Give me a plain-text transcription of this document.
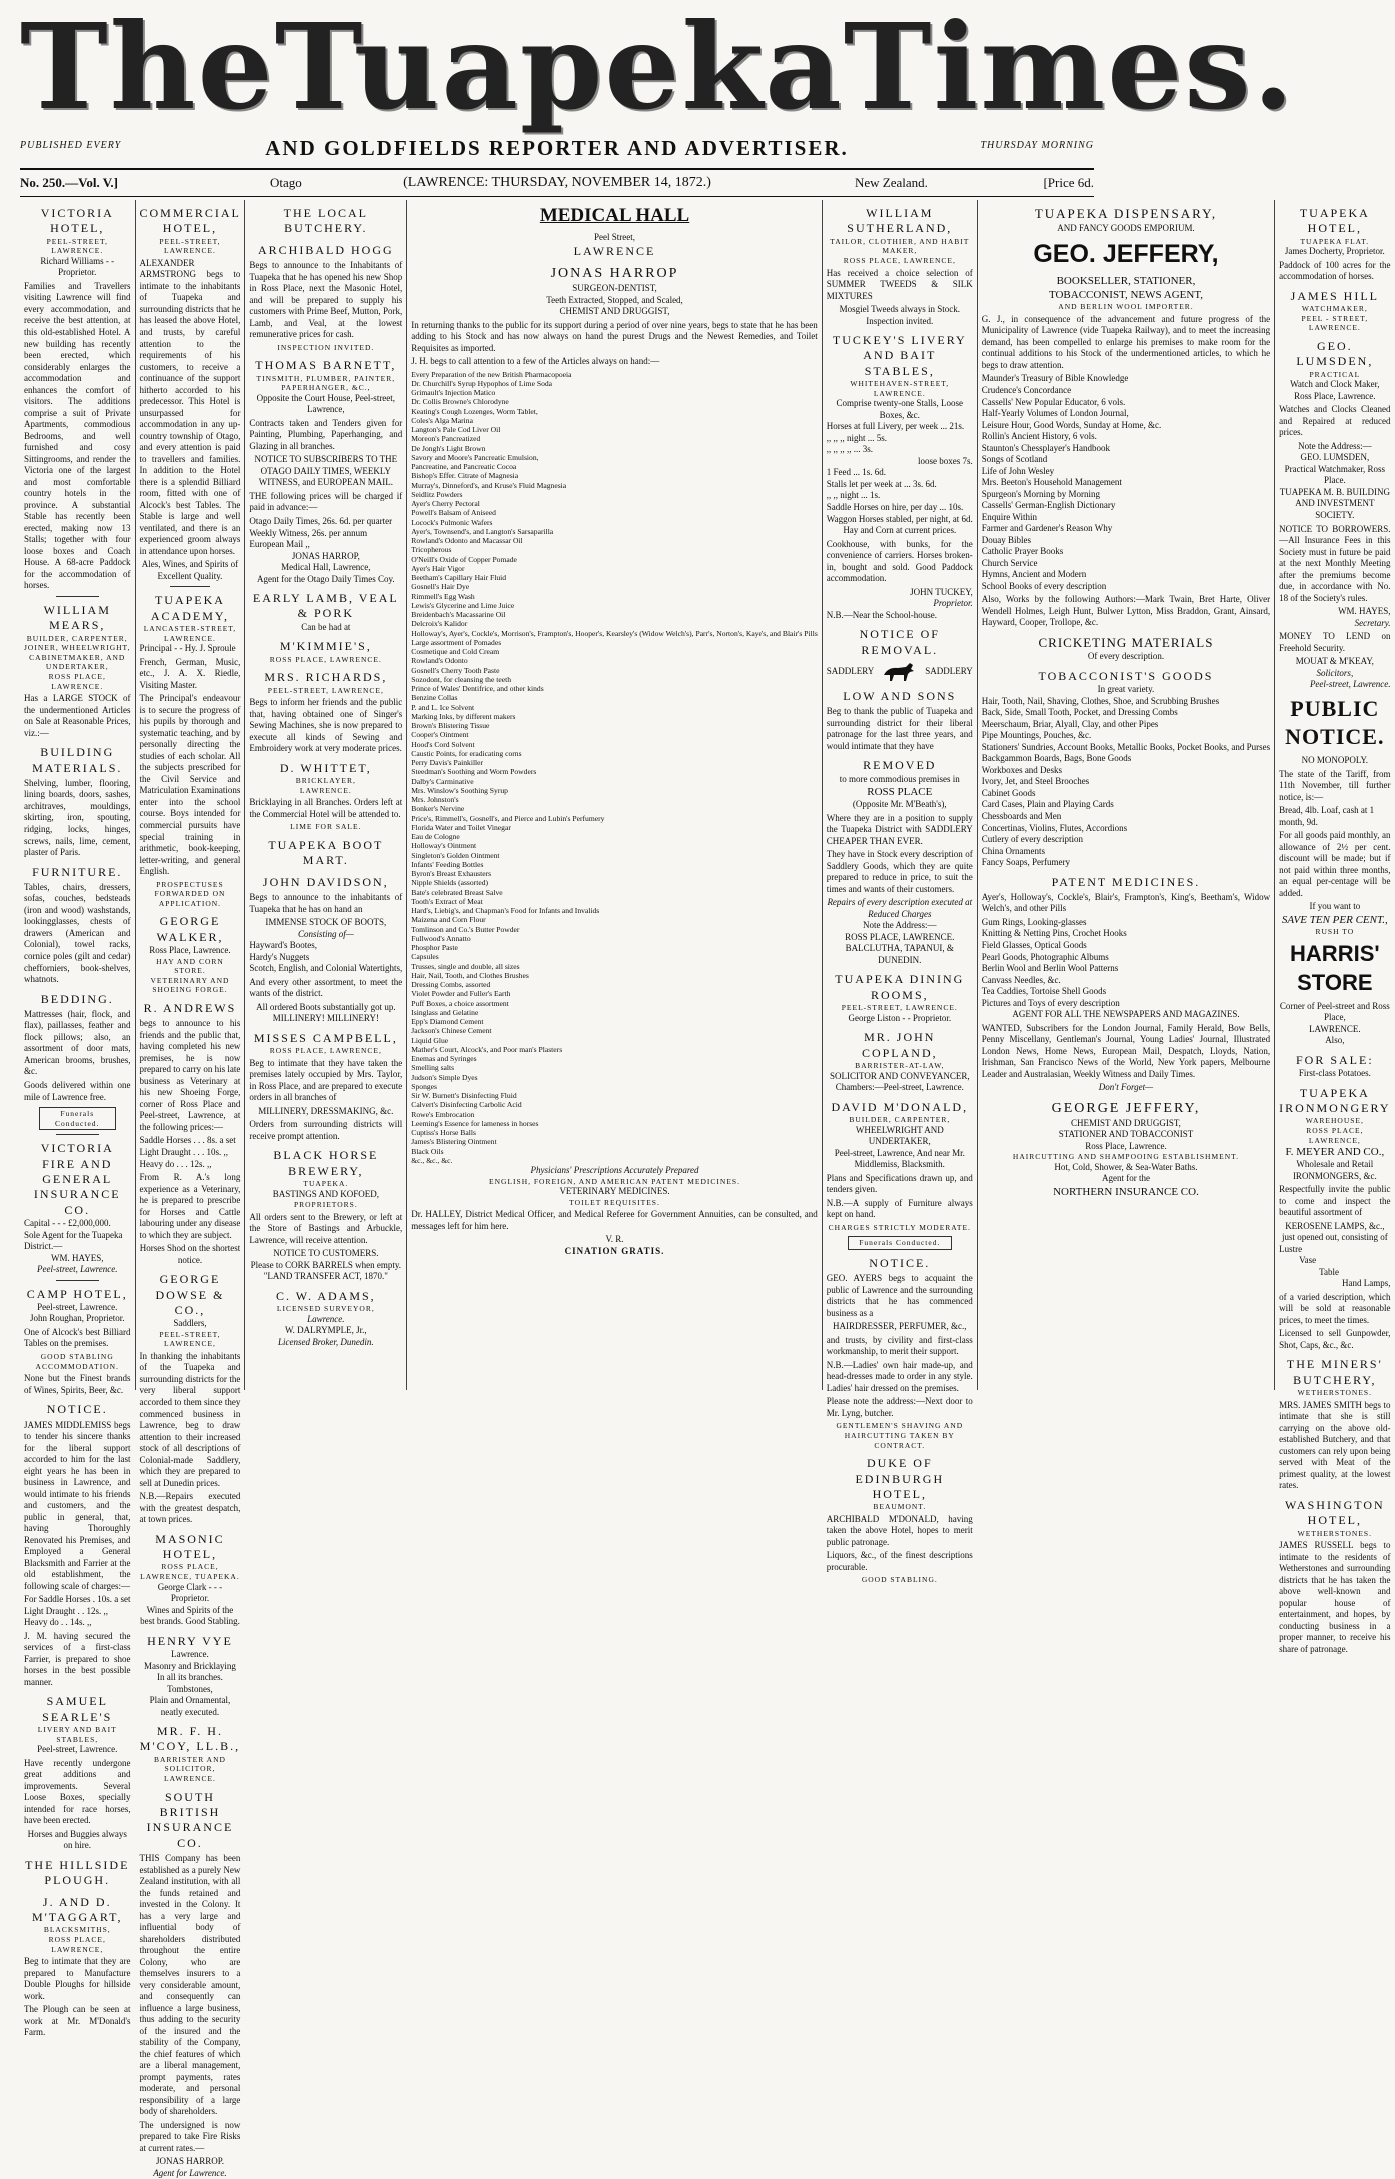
The Tuapeka Times.
PUBLISHED EVERY	AND GOLDFIELDS REPORTER AND ADVERTISER.	THURSDAY MORNING
No. 250.—Vol. V.]	Otago	(LAWRENCE: THURSDAY, NOVEMBER 14, 1872.)	New Zealand.	[Price 6d.
VICTORIA HOTEL,
PEEL-STREET, LAWRENCE.
Richard Williams - - Proprietor.

Families and Travellers visiting Lawrence will find every accommodation, and receive the best attention, at this old-established Hotel. A new building has recently been erected, which considerably enlarges the accommodation and enhances the comfort of visitors. The additions comprise a suit of Private Apartments, commodious Bedrooms, and well furnished and cosy Sittingrooms, and render the Victoria one of the largest and most comfortable country hotels in the province. A substantial Stable has recently been erected, making now 13 Stalls; together with four loose boxes and Coach House. A 68-acre Paddock for the accommodation of horses.

WILLIAM MEARS,
BUILDER, CARPENTER, JOINER, WHEELWRIGHT, CABINETMAKER, AND UNDERTAKER,
ROSS PLACE, LAWRENCE.

Has a LARGE STOCK of the undermentioned Articles on Sale at Reasonable Prices, viz.:—

BUILDING MATERIALS.

Shelving, lumber, flooring, lining boards, doors, sashes, architraves, mouldings, skirting, iron, spouting, ridging, locks, hinges, screws, nails, lime, cement, plaster of Paris.

FURNITURE.

Tables, chairs, dressers, sofas, couches, bedsteads (iron and wood) washstands, lookingglasses, chests of drawers (American and Colonial), towel racks, cornice poles (gilt and cedar) chefforniers, book-shelves, whatnots.

BEDDING.

Mattresses (hair, flock, and flax), paillasses, feather and flock pillows; also, an assortment of door mats, American brooms, brushes, &c.

Goods delivered within one mile of Lawrence free.

Funerals Conducted.
VICTORIA FIRE AND GENERAL INSURANCE CO.
Capital - - - £2,000,000.
Sole Agent for the Tuapeka District.—
WM. HAYES,
Peel-street, Lawrence.
CAMP HOTEL,
Peel-street, Lawrence.
John Roughan, Proprietor.

One of Alcock's best Billiard Tables on the premises.

GOOD STABLING ACCOMMODATION.

None but the Finest brands of Wines, Spirits, Beer, &c.

NOTICE.

JAMES MIDDLEMISS begs to tender his sincere thanks for the liberal support accorded to him for the last eight years he has been in business in Lawrence, and would intimate to his friends and customers, and the public in general, that, having Thoroughly Renovated his Premises, and Employed a General Blacksmith and Farrier at the old establishment, the following scale of charges:—

For Saddle Horses . 10s. a set
Light Draught . . 12s. ,,
Heavy do . . 14s. ,,

J. M. having secured the services of a first-class Farrier, is prepared to shoe horses in the best possible manner.

SAMUEL SEARLE'S
LIVERY AND BAIT STABLES,
Peel-street, Lawrence.

Have recently undergone great additions and improvements. Several Loose Boxes, specially intended for race horses, have been erected.

Horses and Buggies always on hire.
THE HILLSIDE PLOUGH.
J. AND D. M'TAGGART,
BLACKSMITHS,
ROSS PLACE, LAWRENCE,

Beg to intimate that they are prepared to Manufacture Double Ploughs for hillside work.

The Plough can be seen at work at Mr. M'Donald's Farm.

COMMERCIAL HOTEL,
PEEL-STREET, LAWRENCE.

ALEXANDER ARMSTRONG begs to intimate to the inhabitants of Tuapeka and surrounding districts that he has leased the above Hotel, and trusts, by careful attention to the requirements of his customers, to receive a continuance of the support hitherto accorded to his predecessor. This Hotel is unsurpassed for accommodation in any up-country township of Otago, and every attention is paid to travellers and families. In addition to the Hotel there is a splendid Billiard room, fitted with one of Alcock's best Tables. The Stable is large and well ventilated, and there is an experienced groom always in attendance upon horses.

Ales, Wines, and Spirits of Excellent Quality.
TUAPEKA ACADEMY,
LANCASTER-STREET, LAWRENCE.
Principal - - Hy. J. Sproule

French, German, Music, etc., J. A. X. Riedle, Visiting Master.

The Principal's endeavour is to secure the progress of his pupils by thorough and systematic teaching, and by personally directing the studies of each scholar. All the subjects prescribed for the Civil Service and Matriculation Examinations enter into the school course. Boys intended for commercial pursuits have special training in arithmetic, book-keeping, letter-writing, and general English.

PROSPECTUSES FORWARDED ON APPLICATION.
GEORGE WALKER,
Ross Place, Lawrence.
HAY AND CORN STORE.
VETERINARY AND SHOEING FORGE.
R. ANDREWS

begs to announce to his friends and the public that, having completed his new premises, he is now prepared to carry on his late business as Veterinary at his new Shoeing Forge, corner of Ross Place and Peel-street, Lawrence, at the following prices:—

Saddle Horses . . . 8s. a set
Light Draught . . . 10s. ,,
Heavy do . . . 12s. ,,

From R. A.'s long experience as a Veterinary, he is prepared to prescribe for Horses and Cattle labouring under any disease to which they are subject.

Horses Shod on the shortest notice.
GEORGE DOWSE & CO.,
Saddlers,
PEEL-STREET, LAWRENCE,

In thanking the inhabitants of the Tuapeka and surrounding districts for the very liberal support accorded to them since they commenced business in Lawrence, beg to draw attention to their increased stock of all descriptions of Colonial-made Saddlery, which they are prepared to sell at Dunedin prices.

N.B.—Repairs executed with the greatest despatch, at town prices.

MASONIC HOTEL,
ROSS PLACE, LAWRENCE, TUAPEKA.
George Clark - - - Proprietor.
Wines and Spirits of the best brands. Good Stabling.
HENRY VYE
Lawrence.
Masonry and Bricklaying
In all its branches.
Tombstones,
Plain and Ornamental, neatly executed.
MR. F. H. M'COY, LL.B.,
BARRISTER AND SOLICITOR,
LAWRENCE.
SOUTH BRITISH INSURANCE CO.

THIS Company has been established as a purely New Zealand institution, with all the funds retained and invested in the Colony. It has a very large and influential body of shareholders distributed throughout the entire Colony, who are themselves insurers to a very considerable amount, and consequently can influence a large business, thus adding to the security of the insured and the stability of the Company, the chief features of which are a liberal management, prompt payments, rates moderate, and personal responsibility of a large body of shareholders.

The undersigned is now prepared to take Fire Risks at current rates.—

JONAS HARROP.
Agent for Lawrence.
THE LOCAL BUTCHERY.
ARCHIBALD HOGG

Begs to announce to the Inhabitants of Tuapeka that he has opened his new Shop in Ross Place, next the Masonic Hotel, and will be prepared to supply his customers with Prime Beef, Mutton, Pork, Lamb, and Veal, at the lowest remunerative prices for cash.

INSPECTION INVITED.
THOMAS BARNETT,
TINSMITH, PLUMBER, PAINTER, PAPERHANGER, &C.,
Opposite the Court House, Peel-street, Lawrence,

Contracts taken and Tenders given for Painting, Plumbing, Paperhanging, and Glazing in all branches.

NOTICE TO SUBSCRIBERS TO THE OTAGO DAILY TIMES, WEEKLY WITNESS, and EUROPEAN MAIL.

THE following prices will be charged if paid in advance:—

Otago Daily Times, 26s. 6d. per quarter
Weekly Witness, 26s. per annum
European Mail ,,
JONAS HARROP,
Medical Hall, Lawrence,
Agent for the Otago Daily Times Coy.
EARLY LAMB, VEAL & PORK
Can be had at
M'KIMMIE'S,
ROSS PLACE, LAWRENCE.
MRS. RICHARDS,
PEEL-STREET, LAWRENCE,

Begs to inform her friends and the public that, having obtained one of Singer's Sewing Machines, she is now prepared to execute all kinds of Sewing and Embroidery work at very moderate prices.

D. WHITTET,
BRICKLAYER,
LAWRENCE.

Bricklaying in all Branches. Orders left at the Commercial Hotel will be attended to.

LIME FOR SALE.
TUAPEKA BOOT MART.
JOHN DAVIDSON,

Begs to announce to the inhabitants of Tuapeka that he has on hand an

IMMENSE STOCK OF BOOTS,
Consisting of—
Hayward's Bootes,
Hardy's Nuggets
Scotch, English, and Colonial Watertights,

And every other assortment, to meet the wants of the district.

All ordered Boots substantially got up.
MILLINERY! MILLINERY!
MISSES CAMPBELL,
ROSS PLACE, LAWRENCE,

Beg to intimate that they have taken the premises lately occupied by Mrs. Taylor, in Ross Place, and are prepared to execute orders in all branches of

MILLINERY, DRESSMAKING, &c.

Orders from surrounding districts will receive prompt attention.

BLACK HORSE BREWERY,
TUAPEKA.
BASTINGS AND KOFOED,
PROPRIETORS.

All orders sent to the Brewery, or left at the Store of Bastings and Arbuckle, Lawrence, will receive attention.

NOTICE TO CUSTOMERS.
Please to CORK BARRELS when empty.
"LAND TRANSFER ACT, 1870."
C. W. ADAMS,
LICENSED SURVEYOR,
Lawrence.
W. DALRYMPLE, Jr.,
Licensed Broker, Dunedin.
MEDICAL HALL
Peel Street,
LAWRENCE
JONAS HARROP
SURGEON-DENTIST,
Teeth Extracted, Stopped, and Scaled,
CHEMIST AND DRUGGIST,

In returning thanks to the public for its support during a period of over nine years, begs to state that he has been adding to his Stock and has now always on hand the purest Drugs and the Newest Remedies, and Toilet Requisites as imported.

J. H. begs to call attention to a few of the Articles always on hand:—

Every Preparation of the new British Pharmacopoeia
Dr. Churchill's Syrup Hypophos of Lime Soda
Grimault's Injection Matico
Dr. Collis Browne's Chlorodyne
Keating's Cough Lozenges, Worm Tablet,
Coles's Alga Marina
Langton's Pale Cod Liver Oil
Moreon's Pancreatized
De Jongh's Light Brown
Savory and Moore's Pancreatic Emulsion,
Pancreatine, and Pancreatic Cocoa
Bishop's Effer. Citrate of Magnesia
Murray's, Dinneford's, and Kruse's Fluid Magnesia
Seidlitz Powders
Ayer's Cherry Pectoral
Powell's Balsam of Aniseed
Locock's Pulmonic Wafers
Ayer's, Townsend's, and Langton's Sarsaparilla
Rowland's Odonto and Macassar Oil
Tricopherous
O'Neill's Oxide of Copper Pomade
Ayer's Hair Vigor
Beetham's Capillary Hair Fluid
Gosnell's Hair Dye
Rimmell's Egg Wash
Lewis's Glycerine and Lime Juice
Breidenbach's Macassarine Oil
Delcroix's Kalidor
Holloway's, Ayer's, Cockle's, Morrison's, Frampton's, Hooper's, Kearsley's (Widow Welch's), Parr's, Norton's, Kaye's, and Blair's Pills
Large assortment of Pomades
Cosmetique and Cold Cream
Rowland's Odonto
Gosnell's Cherry Tooth Paste
Sozodont, for cleansing the teeth
Prince of Wales' Dentifrice, and other kinds
Benzine Collas
P. and L. Ice Solvent
Marking Inks, by different makers
Brown's Blistering Tissue
Cooper's Ointment
Hood's Cord Solvent
Caustic Points, for eradicating corns
Perry Davis's Painkiller
Steedman's Soothing and Worm Powders
Dalby's Carminative
Mrs. Winslow's Soothing Syrup
Mrs. Johnston's
Bonker's Nervine
Price's, Rimmell's, Gosnell's, and Pierce and Lubin's Perfumery
Florida Water and Toilet Vinegar
Eau de Cologne
Holloway's Ointment
Singleton's Golden Ointment
Infants' Feeding Bottles
Byron's Breast Exhausters
Nipple Shields (assorted)
Bate's celebrated Breast Salve
Tooth's Extract of Meat
Hard's, Liebig's, and Chapman's Food for Infants and Invalids
Maizena and Corn Flour
Tomlinson and Co.'s Butter Powder
Fullwood's Annatto
Phosphor Paste
Capsules
Trusses, single and double, all sizes
Hair, Nail, Tooth, and Clothes Brushes
Dressing Combs, assorted
Violet Powder and Fuller's Earth
Puff Boxes, a choice assortment
Isinglass and Gelatine
Epp's Diamond Cement
Jackson's Chinese Cement
Liquid Glue
Mather's Court, Alcock's, and Poor man's Plasters
Enemas and Syringes
Smelling salts
Judson's Simple Dyes
Sponges
Sir W. Burnett's Disinfecting Fluid
Calvert's Disinfecting Carbolic Acid
Rowe's Embrocation
Leeming's Essence for lameness in horses
Cuptiss's Horse Balls
James's Blistering Ointment
Black Oils
&c., &c., &c.
Physicians' Prescriptions Accurately Prepared
ENGLISH, FOREIGN, AND AMERICAN PATENT MEDICINES.
VETERINARY MEDICINES.
TOILET REQUISITES.

Dr. HALLEY, District Medical Officer, and Medical Referee for Government Annuities, can be consulted, and messages left for him here.

V. R.
CINATION GRATIS.
WILLIAM SUTHERLAND,
TAILOR, CLOTHIER, AND HABIT MAKER,
ROSS PLACE, LAWRENCE,

Has received a choice selection of SUMMER TWEEDS & SILK MIXTURES

Mosgiel Tweeds always in Stock.
Inspection invited.
TUCKEY'S LIVERY AND BAIT STABLES,
WHITEHAVEN-STREET, LAWRENCE.
Comprise twenty-one Stalls, Loose Boxes, &c.
Horses at full Livery, per week ... 21s.
,, ,, ,, night ... 5s.
,, ,, ,, ,, ... 3s.
loose boxes 7s.
1 Feed ... 1s. 6d.
Stalls let per week at ... 3s. 6d.
,, ,, night ... 1s.
Saddle Horses on hire, per day ... 10s.
Waggon Horses stabled, per night, at 6d.
Hay and Corn at current prices.

Cookhouse, with bunks, for the convenience of carriers. Horses broken-in, bought and sold. Good Paddock accommodation.

JOHN TUCKEY,
Proprietor.
N.B.—Near the School-house.
NOTICE OF REMOVAL.
SADDLERY	SADDLERY
LOW AND SONS

Beg to thank the public of Tuapeka and surrounding district for their liberal patronage for the last three years, and would intimate that they have

REMOVED
to more commodious premises in
ROSS PLACE
(Opposite Mr. M'Beath's),

Where they are in a position to supply the Tuapeka District with SADDLERY CHEAPER THAN EVER.

They have in Stock every description of Saddlery Goods, which they are quite prepared to reduce in price, to suit the times and wants of their customers.

Repairs of every description executed at Reduced Charges
Note the Address:—
ROSS PLACE, LAWRENCE.
BALCLUTHA, TAPANUI, & DUNEDIN.
TUAPEKA DINING ROOMS,
PEEL-STREET, LAWRENCE.
George Liston - - Proprietor.
MR. JOHN COPLAND,
BARRISTER-AT-LAW,
SOLICITOR AND CONVEYANCER,
Chambers:—Peel-street, Lawrence.
DAVID M'DONALD,
BUILDER, CARPENTER,
WHEELWRIGHT AND UNDERTAKER,
Peel-street, Lawrence, And near Mr. Middlemiss, Blacksmith.

Plans and Specifications drawn up, and tenders given.

N.B.—A supply of Furniture always kept on hand.

CHARGES STRICTLY MODERATE.
Funerals Conducted.
NOTICE.

GEO. AYERS begs to acquaint the public of Lawrence and the surrounding districts that he has commenced business as a

HAIRDRESSER, PERFUMER, &c.,

and trusts, by civility and first-class workmanship, to merit their support.

N.B.—Ladies' own hair made-up, and head-dresses made to order in any style. Ladies' hair dressed on the premises.

Please note the address:—Next door to Mr. Lyng, butcher.

GENTLEMEN'S SHAVING AND HAIRCUTTING TAKEN BY CONTRACT.
DUKE OF EDINBURGH HOTEL,
BEAUMONT.

ARCHIBALD M'DONALD, having taken the above Hotel, hopes to merit public patronage.

Liquors, &c., of the finest descriptions procurable.

GOOD STABLING.
TUAPEKA DISPENSARY,
AND FANCY GOODS EMPORIUM.
GEO. JEFFERY,
BOOKSELLER, STATIONER,
TOBACCONIST, NEWS AGENT,
AND BERLIN WOOL IMPORTER.

G. J., in consequence of the advancement and future progress of the Municipality of Lawrence (vide Tuapeka Railway), and to meet the increasing demand, has been compelled to enlarge his premises to make room for the continual additions to his Stock of the undermentioned articles, to which he begs to draw attention.

Maunder's Treasury of Bible Knowledge
Crudence's Concordance
Cassells' New Popular Educator, 6 vols.
Half-Yearly Volumes of London Journal,
Leisure Hour, Good Words, Sunday at Home, &c.
Rollin's Ancient History, 6 vols.
Staunton's Chessplayer's Handbook
Songs of Scotland
Life of John Wesley
Mrs. Beeton's Household Management
Spurgeon's Morning by Morning
Cassells' German-English Dictionary
Enquire Within
Farmer and Gardener's Reason Why
Douay Bibles
Catholic Prayer Books
Church Service
Hymns, Ancient and Modern
School Books of every description

Also, Works by the following Authors:—Mark Twain, Bret Harte, Oliver Wendell Holmes, Leigh Hunt, Bulwer Lytton, Miss Braddon, Grant, Ainsard, Hayward, Cooper, Trollope, &c.

CRICKETING MATERIALS
Of every description.
TOBACCONIST'S GOODS
In great variety.
Hair, Tooth, Nail, Shaving, Clothes, Shoe, and Scrubbing Brushes
Back, Side, Small Tooth, Pocket, and Dressing Combs
Meerschaum, Briar, Alyall, Clay, and other Pipes
Pipe Mountings, Pouches, &c.
Stationers' Sundries, Account Books, Metallic Books, Pocket Books, and Purses
Backgammon Boards, Bags, Bone Goods
Workboxes and Desks
Ivory, Jet, and Steel Brooches
Cabinet Goods
Card Cases, Plain and Playing Cards
Chessboards and Men
Concertinas, Violins, Flutes, Accordions
Cutlery of every description
China Ornaments
Fancy Soaps, Perfumery
PATENT MEDICINES.

Ayer's, Holloway's, Cockle's, Blair's, Frampton's, King's, Beetham's, Widow Welch's, and other Pills

Gum Rings, Looking-glasses
Knitting & Netting Pins, Crochet Hooks
Field Glasses, Optical Goods
Pearl Goods, Photographic Albums
Berlin Wool and Berlin Wool Patterns
Canvass Needles, &c.
Tea Caddies, Tortoise Shell Goods
Pictures and Toys of every description
AGENT FOR ALL THE NEWSPAPERS AND MAGAZINES.

WANTED, Subscribers for the London Journal, Family Herald, Bow Bells, Penny Miscellany, Gentleman's Journal, Young Ladies' Journal, Illustrated London News, Home News, European Mail, Despatch, Lloyds, Nation, Irishman, San Francisco News of the World, New York papers, Melbourne Leader and Australasian, Weekly Witness and Daily Times.

Don't Forget—
GEORGE JEFFERY,
CHEMIST AND DRUGGIST,
STATIONER AND TOBACCONIST
Ross Place, Lawrence.
HAIRCUTTING AND SHAMPOOING ESTABLISHMENT.
Hot, Cold, Shower, & Sea-Water Baths.
Agent for the
NORTHERN INSURANCE CO.
TUAPEKA HOTEL,
TUAPEKA FLAT.
James Docherty, Proprietor.

Paddock of 100 acres for the accommodation of horses.

JAMES HILL
WATCHMAKER,
PEEL - STREET,
LAWRENCE.
GEO. LUMSDEN,
PRACTICAL
Watch and Clock Maker,
Ross Place, Lawrence.

Watches and Clocks Cleaned and Repaired at reduced prices.

Note the Address:—
GEO. LUMSDEN,
Practical Watchmaker, Ross Place.
TUAPEKA M. B. BUILDING AND INVESTMENT SOCIETY.

NOTICE TO BORROWERS.—All Insurance Fees in this Society must in future be paid at the next Monthly Meeting after the premiums become due, in accordance with No. 18 of the Society's rules.

WM. HAYES,
Secretary.

MONEY TO LEND on Freehold Security.

MOUAT & M'KEAY,
Solicitors,
Peel-street, Lawrence.
PUBLIC NOTICE.
NO MONOPOLY.

The state of the Tariff, from 11th November, till further notice, is:—

Bread, 4lb. Loaf, cash at 1 month, 9d.

For all goods paid monthly, an allowance of 2½ per cent. discount will be made; but if not paid within three months, an equal per-centage will be added.

If you want to
SAVE TEN PER CENT.,
RUSH TO
HARRIS' STORE
Corner of Peel-street and Ross Place,
LAWRENCE.
Also,
FOR SALE:
First-class Potatoes.
TUAPEKA IRONMONGERY
WAREHOUSE,
ROSS PLACE, LAWRENCE,
F. MEYER AND CO.,
Wholesale and Retail
IRONMONGERS, &c.

Respectfully invite the public to come and inspect the beautiful assortment of

KEROSENE LAMPS, &c.,
just opened out, consisting of
Lustre
Vase
Table
Hand Lamps,

of a varied description, which will be sold at reasonable prices, to meet the times.

Licensed to sell Gunpowder, Shot, Caps, &c., &c.

THE MINERS' BUTCHERY,
WETHERSTONES.

MRS. JAMES SMITH begs to intimate that she is still carrying on the above old-established Butchery, and that customers can rely upon being served with Meat of the primest quality, at the lowest rates.

WASHINGTON HOTEL,
WETHERSTONES.

JAMES RUSSELL begs to intimate to the residents of Wetherstones and surrounding districts that he has taken the above well-known and popular house of entertainment, and hopes, by conducting business in a proper manner, to receive his share of patronage.
